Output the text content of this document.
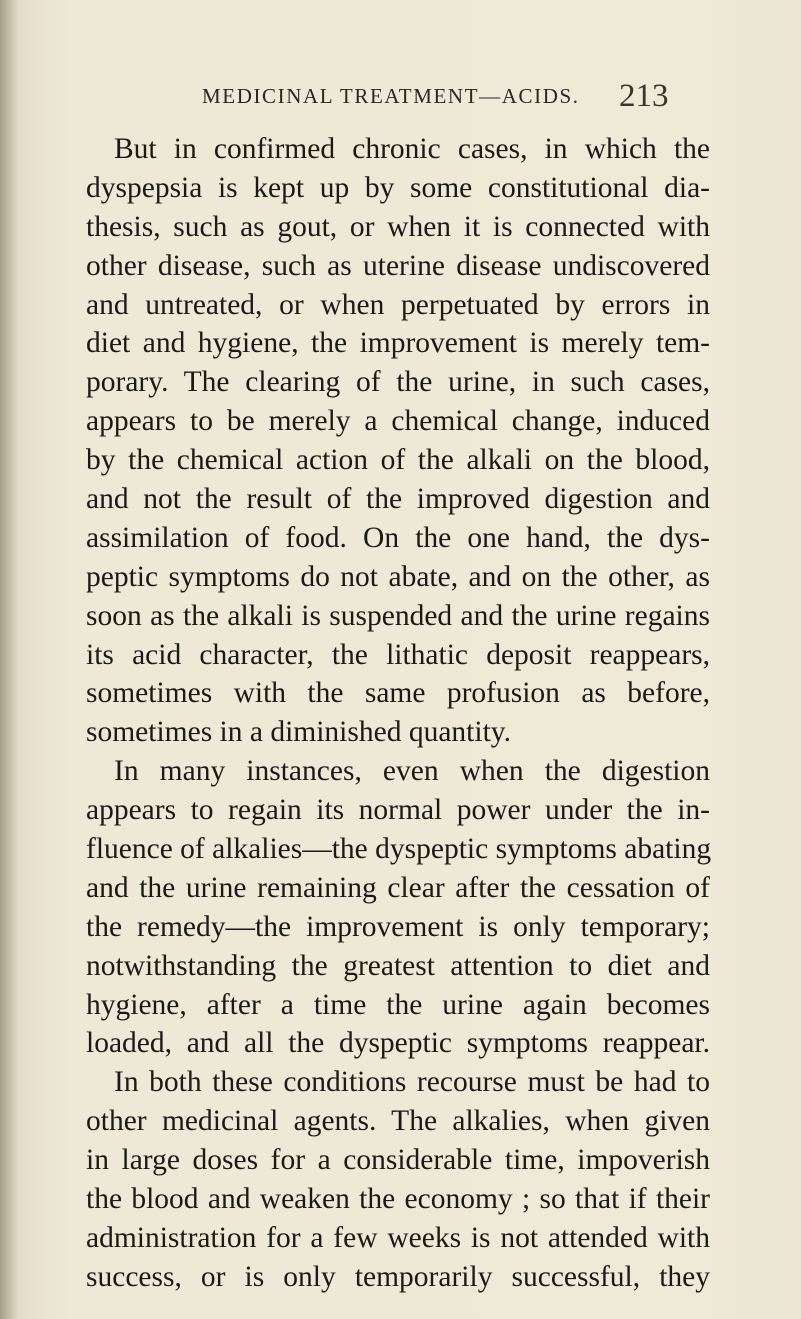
MEDICINAL TREATMENT—ACIDS. 213
But in confirmed chronic cases, in which the
dyspepsia is kept up by some constitutional dia-
thesis, such as gout, or when it is connected with
other disease, such as uterine disease undiscovered
and untreated, or when perpetuated by errors in
diet and hygiene, the improvement is merely tem-
porary. The clearing of the urine, in such cases,
appears to be merely a chemical change, induced
by the chemical action of the alkali on the blood,
and not the result of the improved digestion and
assimilation of food. On the one hand, the dys-
peptic symptoms do not abate, and on the other, as
soon as the alkali is suspended and the urine regains
its acid character, the lithatic deposit reappears,
sometimes with the same profusion as before,
sometimes in a diminished quantity.
In many instances, even when the digestion
appears to regain its normal power under the in-
fluence of alkalies—the dyspeptic symptoms abating
and the urine remaining clear after the cessation of
the remedy—the improvement is only temporary;
notwithstanding the greatest attention to diet and
hygiene, after a time the urine again becomes
loaded, and all the dyspeptic symptoms reappear.
In both these conditions recourse must be had to
other medicinal agents. The alkalies, when given
in large doses for a considerable time, impoverish
the blood and weaken the economy ; so that if their
administration for a few weeks is not attended with
success, or is only temporarily successful, they
